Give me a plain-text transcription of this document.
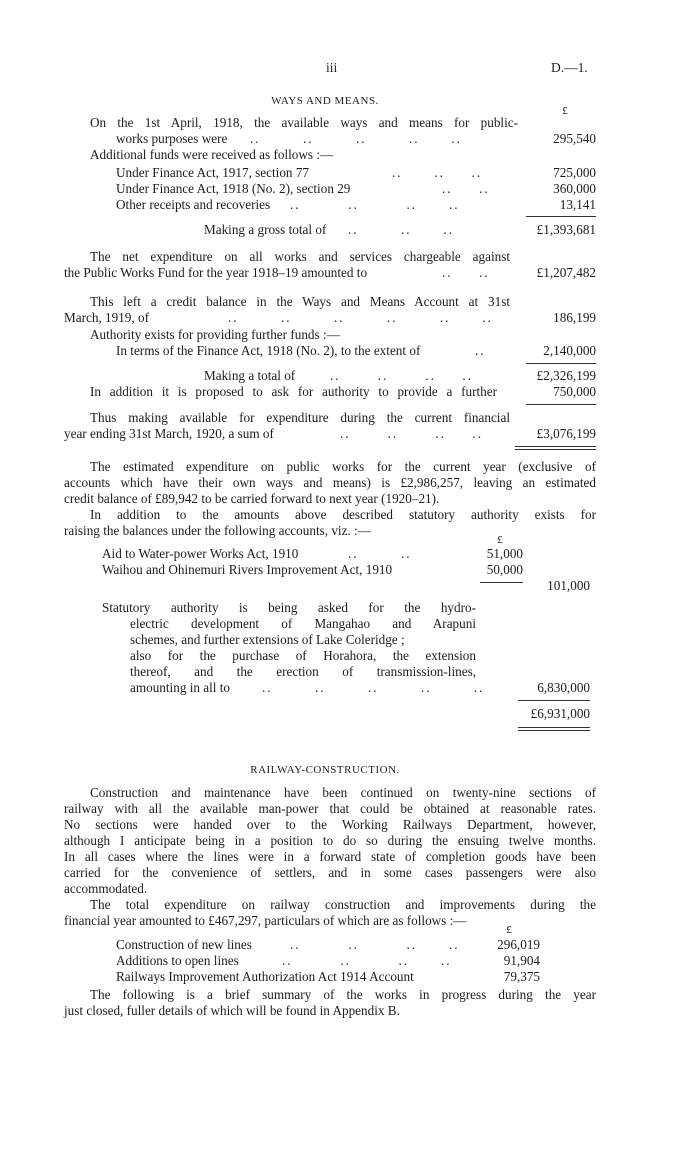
iii	D.—1.
WAYS AND MEANS.
£
On the 1st April, 1918, the available ways and means for public-
works purposes were ..        ..        ..        ..      ..	295,540
Additional funds were received as follows :—
Under Finance Act, 1917, section 77	..      ..     ..	725,000
Under Finance Act, 1918 (No. 2), section 29	..     ..	360,000
Other receipts and recoveries ..         ..         ..      ..	13,141
Making a gross total of ..        ..      ..	£1,393,681
The net expenditure on all works and services chargeable against
the Public Works Fund for the year 1918–19 amounted to	..     ..	£1,207,482
This left a credit balance in the Ways and Means Account at 31st
March, 1919, of	..        ..        ..        ..        ..      ..	186,199
Authority exists for providing further funds :—
In terms of the Finance Act, 1918 (No. 2), to the extent of	..	2,140,000
Making a total of	..       ..       ..     ..	£2,326,199
In addition it is proposed to ask for authority to provide a further	750,000
Thus making available for expenditure during the current financial
year ending 31st March, 1920, a sum of	..       ..       ..     ..	£3,076,199
The estimated expenditure on public works for the current year (exclusive of
accounts which have their own ways and means) is £2,986,257, leaving an estimated
credit balance of £89,942 to be carried forward to next year (1920–21).
In addition to the amounts above described statutory authority exists for
raising the balances under the following accounts, viz. :—
£
Aid to Water-power Works Act, 1910	..        ..	51,000
Waihou and Ohinemuri Rivers Improvement Act, 1910	50,000
101,000
Statutory authority is being asked for the hydro-
electric development of Mangahao and Arapuni
schemes, and further extensions of Lake Coleridge ;
also for the purchase of Horahora, the extension
thereof, and the erection of transmission-lines,
amounting in all to ..        ..        ..        ..        ..	6,830,000
£6,931,000
RAILWAY-CONSTRUCTION.
Construction and maintenance have been continued on twenty-nine sections of
railway with all the available man-power that could be obtained at reasonable rates.
No sections were handed over to the Working Railways Department, however,
although I anticipate being in a position to do so during the ensuing twelve months.
In all cases where the lines were in a forward state of completion goods have been
carried for the convenience of settlers, and in some cases passengers were also
accommodated.
The total expenditure on railway construction and improvements during the
financial year amounted to £467,297, particulars of which are as follows :—
£
Construction of new lines	..         ..         ..      ..	296,019
Additions to open lines	..         ..         ..      ..	91,904
Railways Improvement Authorization Act 1914 Account	79,375
The following is a brief summary of the works in progress during the year
just closed, fuller details of which will be found in Appendix B.
